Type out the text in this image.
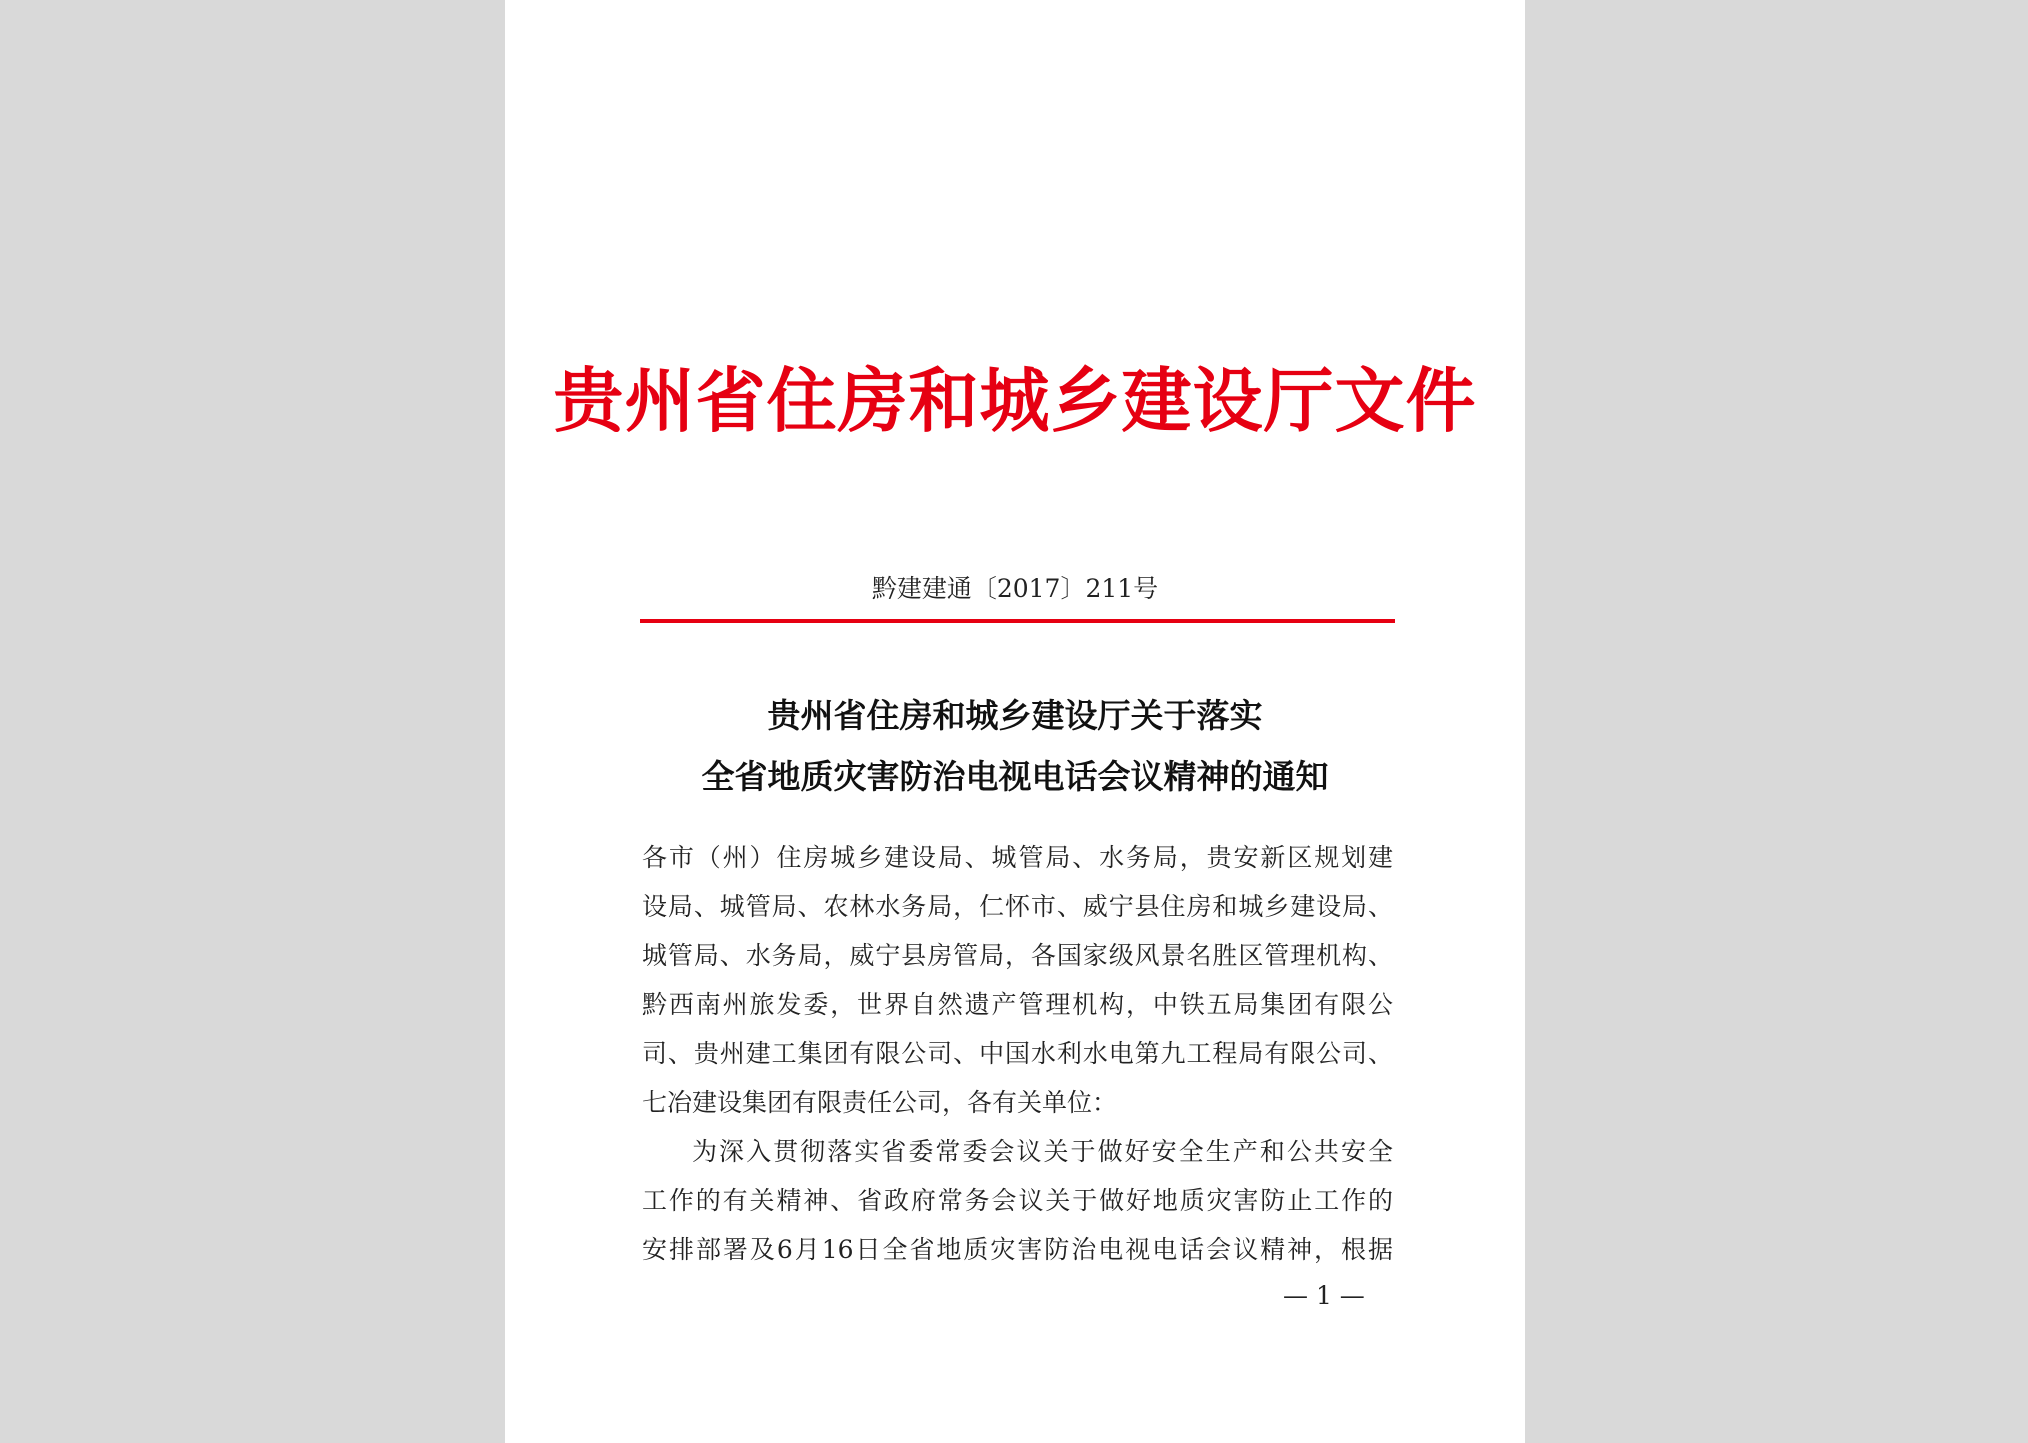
贵州省住房和城乡建设厅文件
黔建建通〔2017〕211号
贵州省住房和城乡建设厅关于落实
全省地质灾害防治电视电话会议精神的通知
各市（州）住房城乡建设局、城管局、水务局，贵安新区规划建
设局、城管局、农林水务局，仁怀市、威宁县住房和城乡建设局、
城管局、水务局，威宁县房管局，各国家级风景名胜区管理机构、
黔西南州旅发委，世界自然遗产管理机构，中铁五局集团有限公
司、贵州建工集团有限公司、中国水利水电第九工程局有限公司、
七冶建设集团有限责任公司，各有关单位：
为深入贯彻落实省委常委会议关于做好安全生产和公共安全
工作的有关精神、省政府常务会议关于做好地质灾害防止工作的
安排部署及6月16日全省地质灾害防治电视电话会议精神，根据
— 1 —
